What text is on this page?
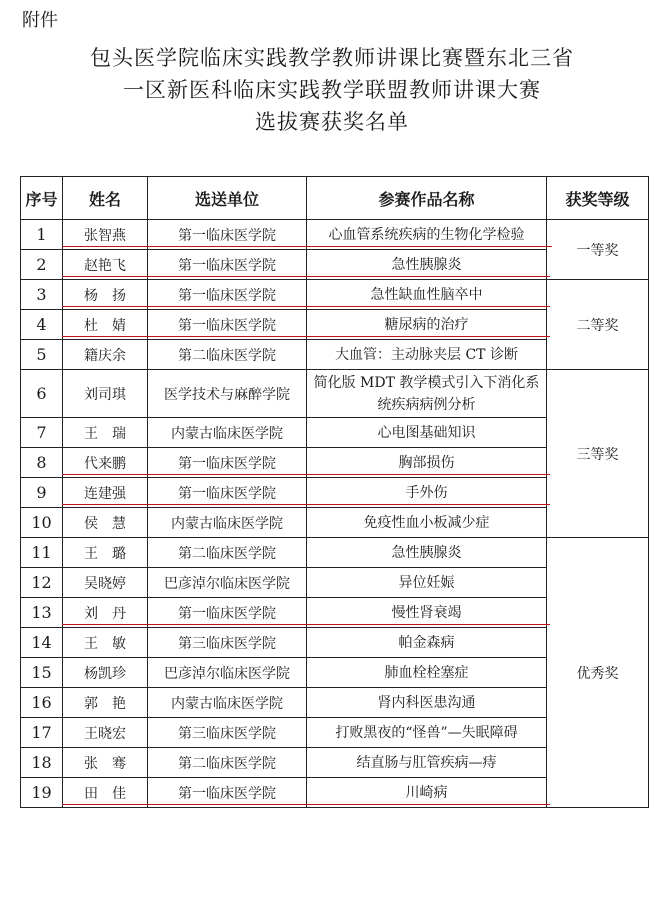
附件
包头医学院临床实践教学教师讲课比赛暨东北三省
一区新医科临床实践教学联盟教师讲课大赛
选拔赛获奖名单
序号	姓名	选送单位	参赛作品名称	获奖等级
1	张智燕	第一临床医学院	心血管系统疾病的生物化学检验	一等奖
2	赵艳飞	第一临床医学院	急性胰腺炎	
3	杨　扬	第一临床医学院	急性缺血性脑卒中	二等奖
4	杜　婧	第一临床医学院	糖尿病的治疗	
5	籍庆余	第二临床医学院	大血管：主动脉夹层 CT 诊断	
6	刘司琪	医学技术与麻醉学院	简化版 MDT 教学模式引入下消化系统疾病病例分析	三等奖
7	王　瑞	内蒙古临床医学院	心电图基础知识	
8	代来鹏	第一临床医学院	胸部损伤	
9	连建强	第一临床医学院	手外伤	
10	侯　慧	内蒙古临床医学院	免疫性血小板减少症	
11	王　璐	第二临床医学院	急性胰腺炎	优秀奖
12	吴晓婷	巴彦淖尔临床医学院	异位妊娠	
13	刘　丹	第一临床医学院	慢性肾衰竭	
14	王　敏	第三临床医学院	帕金森病	
15	杨凯珍	巴彦淖尔临床医学院	肺血栓栓塞症	
16	郭　艳	内蒙古临床医学院	肾内科医患沟通	
17	王晓宏	第三临床医学院	打败黑夜的“怪兽”—失眠障碍	
18	张　骞	第二临床医学院	结直肠与肛管疾病—痔	
19	田　佳	第一临床医学院	川崎病	
